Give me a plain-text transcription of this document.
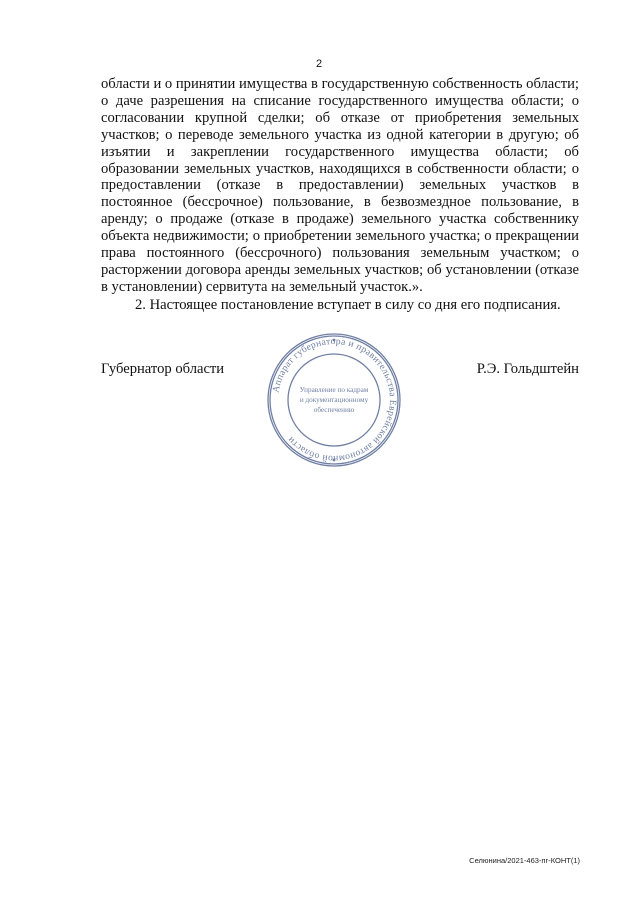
2

области и о принятии имущества в государственную собственность области; о даче разрешения на списание государственного имущества области; о согласовании крупной сделки; об отказе от приобретения земельных участков; о переводе земельного участка из одной категории в другую; об изъятии и закреплении государственного имущества области; об образовании земельных участков, находящихся в собственности области; о предоставлении (отказе в предоставлении) земельных участков в постоянное (бессрочное) пользование, в безвозмездное пользование, в аренду; о продаже (отказе в продаже) земельного участка собственнику объекта недвижимости; о приобретении земельного участка; о прекращении права постоянного (бессрочного) пользования земельным участком; о расторжении договора аренды земельных участков; об установлении (отказе в установлении) сервитута на земельный участок.».

2. Настоящее постановление вступает в силу со дня его подписания.

Губернатор области
Аппарат губернатора и правительства Еврейской автономной области
Управление по кадрам
и документационному
обеспечению
Р.Э. Гольдштейн
Селюнина/2021-463-пг-КОНТ(1)
